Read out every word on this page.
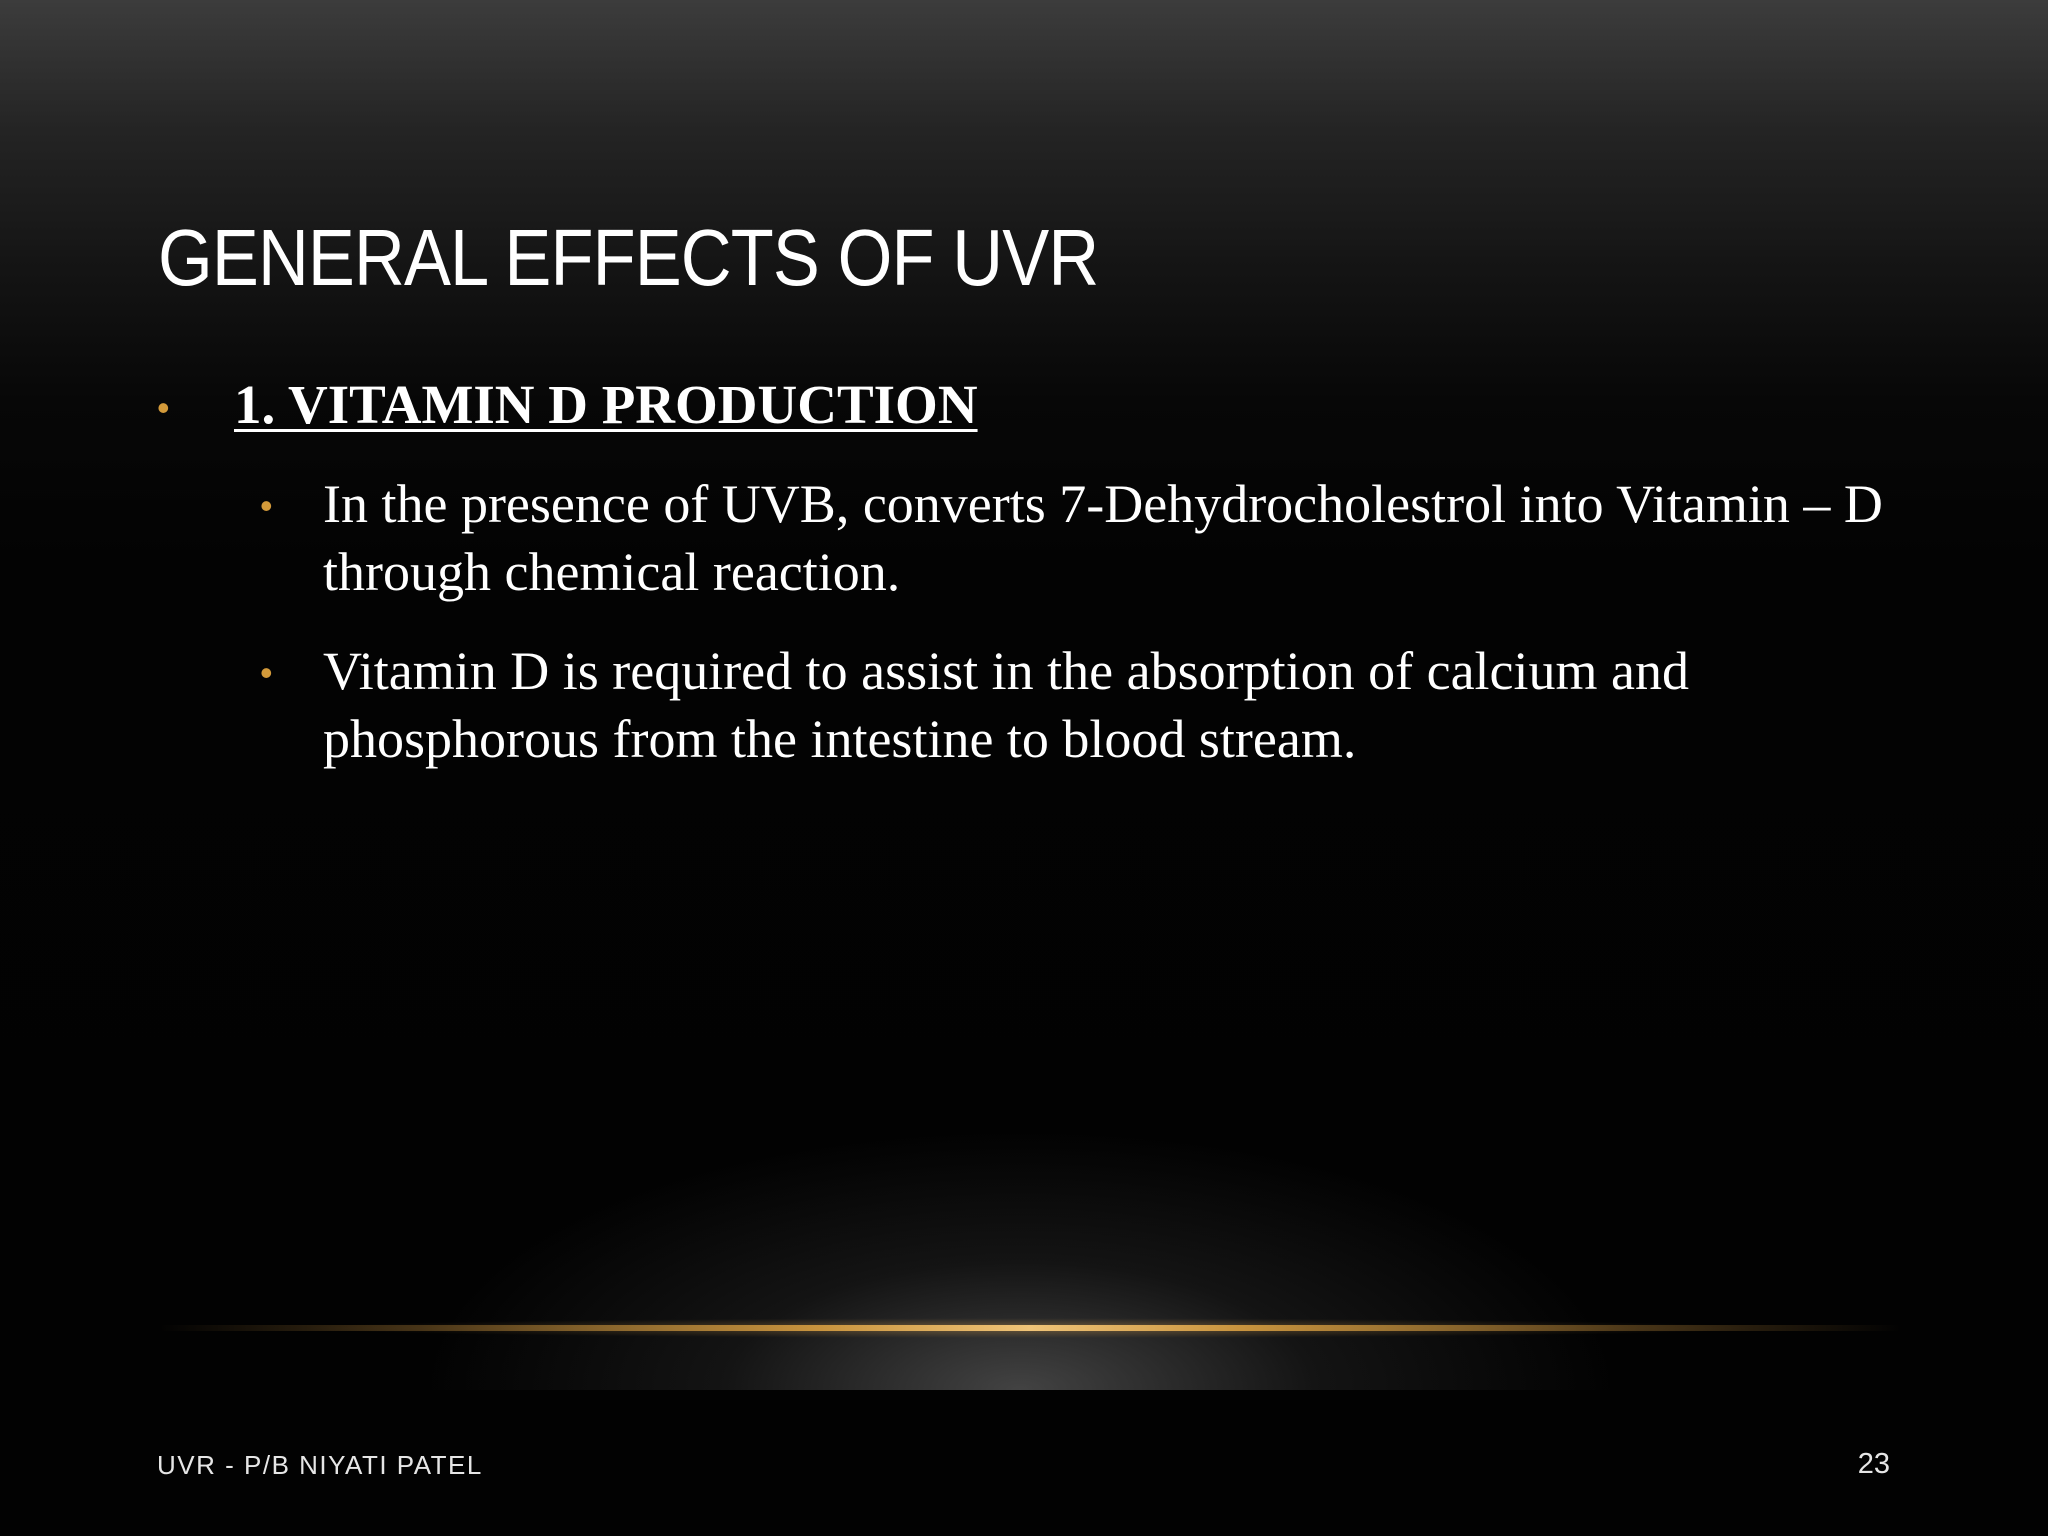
GENERAL EFFECTS OF UVR
• 1. VITAMIN D PRODUCTION
• In the presence of UVB, converts 7-Dehydrocholestrol into Vitamin – D through chemical reaction.
• Vitamin D is required to assist in the absorption of calcium and phosphorous from the intestine to blood stream.
UVR - P/B NIYATI PATEL	23
